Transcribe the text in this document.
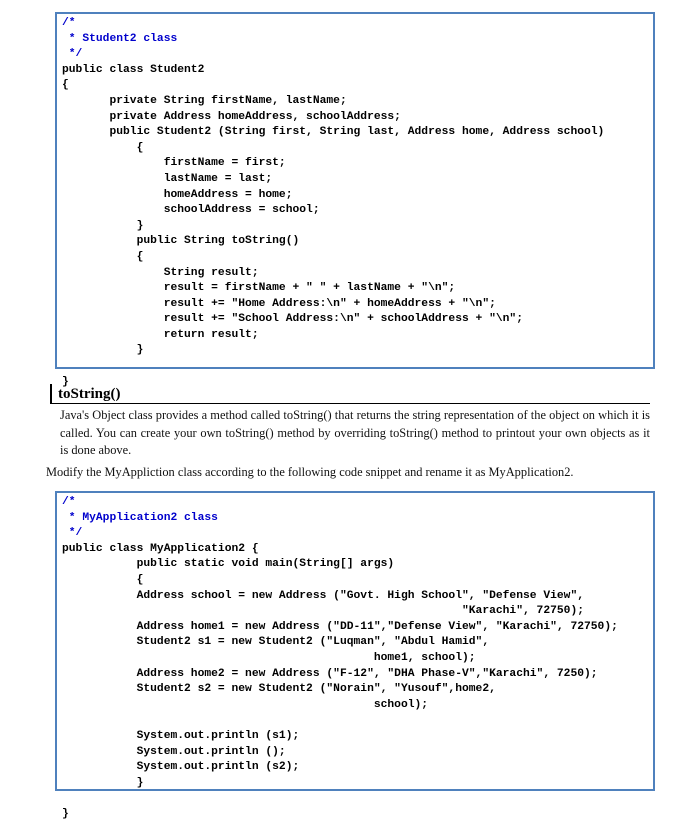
/*
* Student2 class
*/
public class Student2
{
private String firstName, lastName;
private Address homeAddress, schoolAddress;
public Student2 (String first, String last, Address home, Address school)
{
firstName = first;
lastName = last;
homeAddress = home;
schoolAddress = school;
}
public String toString()
{
String result;
result = firstName + " " + lastName + "\n";
result += "Home Address:\n" + homeAddress + "\n";
result += "School Address:\n" + schoolAddress + "\n";
return result;
}
}
toString()

Java's Object class provides a method called toString() that returns the string representation of the object on which it is called. You can create your own toString() method by overriding toString() method to printout your own objects as it is done above.

Modify the MyAppliction class according to the following code snippet and rename it as MyApplication2.

/*
* MyApplication2 class
*/
public class MyApplication2 {
public static void main(String[] args)
{
Address school = new Address ("Govt. High School", "Defense View",
"Karachi", 72750);
Address home1 = new Address ("DD-11","Defense View", "Karachi", 72750);
Student2 s1 = new Student2 ("Luqman", "Abdul Hamid",
home1, school);
Address home2 = new Address ("F-12", "DHA Phase-V","Karachi", 7250);
Student2 s2 = new Student2 ("Norain", "Yusouf",home2,
school);
System.out.println (s1);
System.out.println ();
System.out.println (s2);
}
}
